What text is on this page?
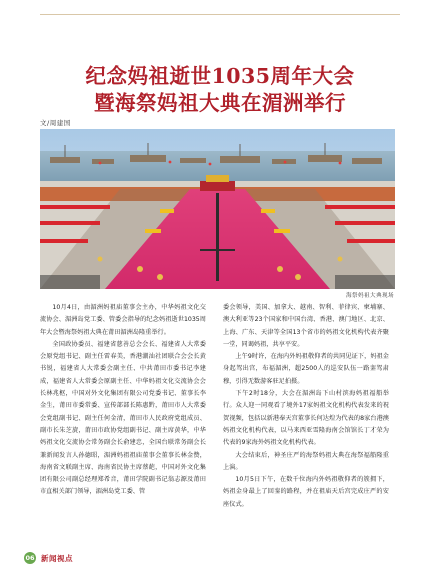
纪念妈祖逝世1035周年大会
暨海祭妈祖大典在湄洲举行
文/周建国
海祭妈祖大典现场

10月4日，由湄洲妈祖庙董事会主办，中华妈祖文化交流协会、湄洲岛党工委、管委会指导的纪念妈祖逝世1035周年大会暨海祭妈祖大典在莆田湄洲岛隆重举行。

全国政协委员、福建省慈善总会会长、福建省人大常委会原党组书记、副主任雷春美，香港潮汕社团联合会会长黄书锐，福建省人大常委会副主任、中共莆田市委书记李建成，福建省人大常委会原副主任、中华妈祖文化交流协会会长林兆枢，中国对外文化集团有限公司党委书记、董事长李金生，莆田市委常委、宣传部部长陈惠黔，莆田市人大常委会党组副书记、副主任何金清，莆田市人民政府党组成员、副市长朱芝旋，莆田市政协党组副书记、副主席黄华，中华妈祖文化交流协会常务副会长俞建忠，全国台联常务副会长兼新闻发言人孙德昭，湄洲妈祖祖庙董事会董事长林金赞，海南省文联副主席、海南省民协主席蔡葩，中国对外文化集团有限公司副总经理郑希音，莆田学院副书记翁志源及莆田市直相关部门领导，湄洲岛党工委、管

委会领导，美国、加拿大、越南、智利、菲律宾、柬埔寨、澳大利亚等23个国家和中国台湾、香港、澳门地区、北京、上海、广东、天津等全国13个省市的妈祖文化机构代表齐聚一堂，同谒妈祖，共享平安。

上午9时许，在海内外妈祖敬仰者的共同见证下，妈祖金身起驾出宫，布福湄洲，超2500人的巡安队伍一路銮驾肃穆，引得无数游客驻足拍摄。

下午2时18分，大会在湄洲岛下山村滨海妈祖福船举行。众人迎一同观看了境外17家妈祖文化机构代表发来的祝贺视频，包括以新港奉天宫董事长何达煌为代表的8家台港澳妈祖文化机构代表，以马来西亚雪隆海南会馆馆长丁才荣为代表的9家海外妈祖文化机构代表。

大会结束后，神圣庄严的海祭妈祖大典在海祭福船隆重上演。

10月5日下午，在数千位海内外妈祖敬仰者的簇拥下，妈祖金身最上了回銮的路程，并在祖庙天后宫完成庄严的安座仪式。

06 新闻视点
